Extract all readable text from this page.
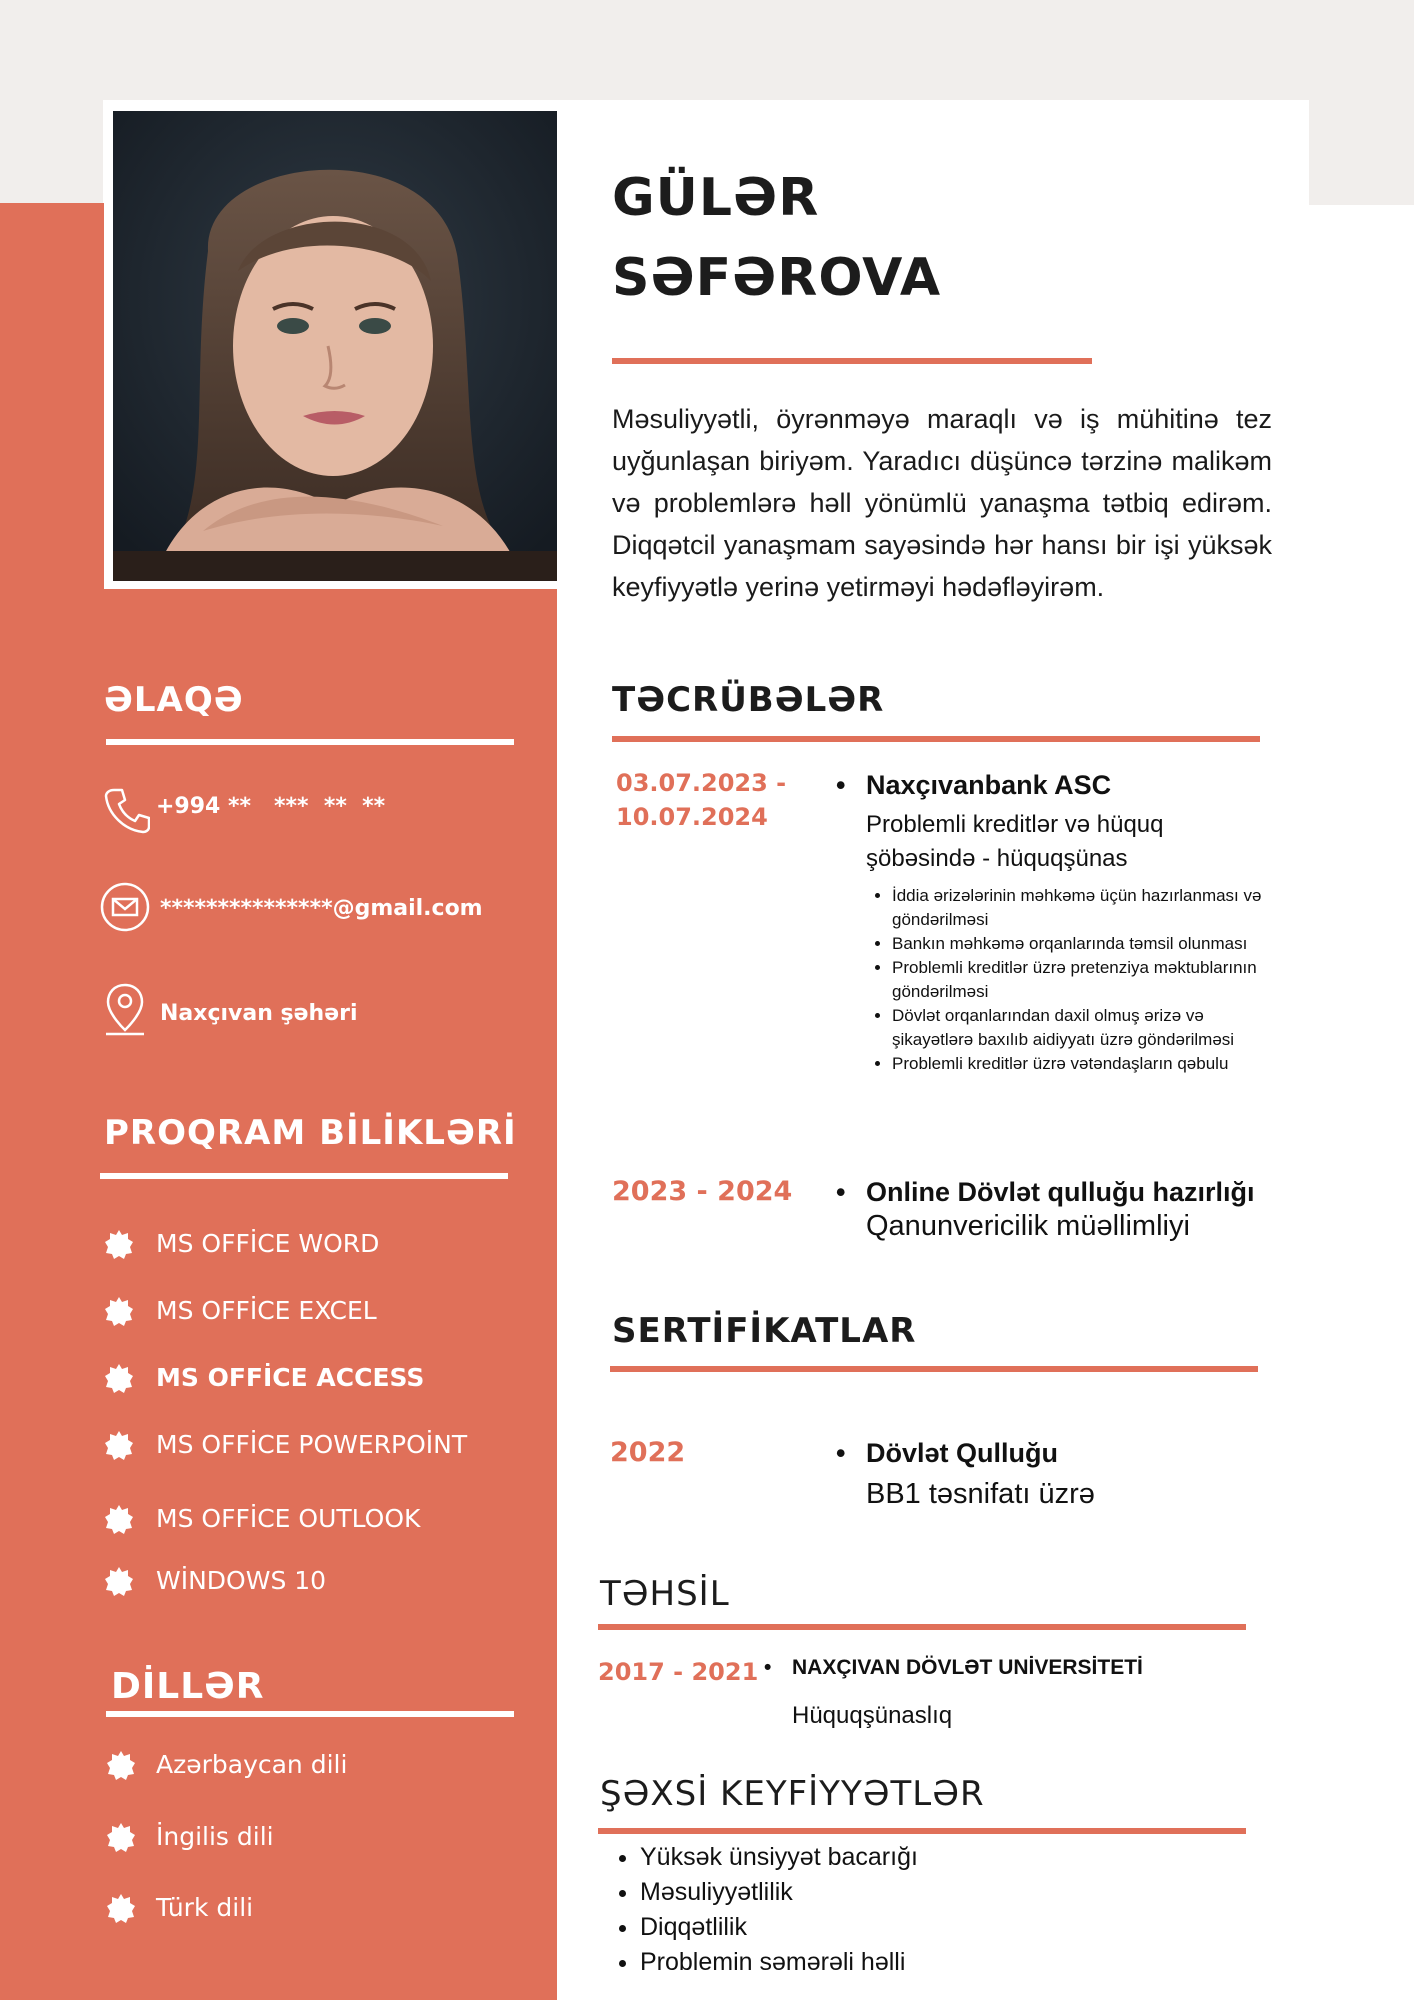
GÜLƏR
SƏFƏROVA
Məsuliyyətli, öyrənməyə maraqlı və iş mühitinə tez uyğunlaşan biriyəm. Yaradıcı düşüncə tərzinə malikəm və problemlərə həll yönümlü yanaşma tətbiq edirəm. Diqqətcil yanaşmam sayəsində hər hansı bir işi yüksək keyfiyyətlə yerinə yetirməyi hədəfləyirəm.
ƏLAQƏ
+994 **   ***  **  **
***************@gmail.com
Naxçıvan şəhəri
PROQRAM BİLİKLƏRİ
MS OFFİCE WORD
MS OFFİCE EXCEL
MS OFFİCE ACCESS
MS OFFİCE POWERPOİNT
MS OFFİCE OUTLOOK
WİNDOWS 10
DİLLƏR
Azərbaycan dili
İngilis dili
Türk dili
TƏCRÜBƏLƏR
03.07.2023 -
10.07.2024
• Naxçıvanbank ASC
Problemli kreditlər və hüquq
şöbəsində - hüquqşünas
• İddia ərizələrinin məhkəmə üçün hazırlanması və göndərilməsi
• Bankın məhkəmə orqanlarında təmsil olunması
• Problemli kreditlər üzrə pretenziya məktublarının göndərilməsi
• Dövlət orqanlarından daxil olmuş ərizə və şikayətlərə baxılıb aidiyyatı üzrə göndərilməsi
• Problemli kreditlər üzrə vətəndaşların qəbulu
2023 - 2024 • Online Dövlət qulluğu hazırlığı
Qanunvericilik müəllimliyi
SERTİFİKATLAR
2022	• Dövlət Qulluğu
BB1 təsnifatı üzrə
TƏHSİL
2017 - 2021 • NAXÇIVAN DÖVLƏT UNİVERSİTETİ
Hüquqşünaslıq
ŞƏXSİ KEYFİYYƏTLƏR
• Yüksək ünsiyyət bacarığı
• Məsuliyyətlilik
• Diqqətlilik
• Problemin səmərəli həlli
